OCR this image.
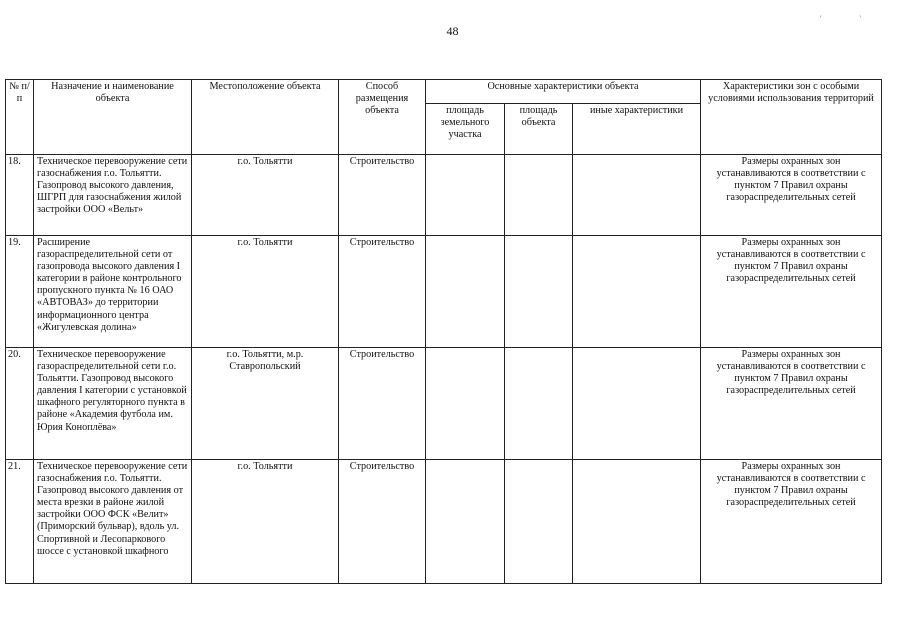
48
' '
№ п/п	Назначение и наименование объекта	Местоположение объекта	Способ размещения объекта	Основные характеристики объекта			Характеристики зон с особыми условиями использования территорий
				площадь земельного участка	площадь объекта	иные характеристики	
18.	Техническое перевооружение сети газоснабжения г.о. Тольятти. Газопровод высокого давления, ШГРП для газоснабжения жилой застройки ООО «Вельт»	г.о. Тольятти	Строительство				Размеры охранных зон устанавливаются в соответствии с пунктом 7 Правил охраны газораспределительных сетей
19.	Расширение газораспределительной сети от газопровода высокого давления I категории в районе контрольного пропускного пункта № 16 ОАО «АВТОВАЗ» до территории информационного центра «Жигулевская долина»	г.о. Тольятти	Строительство				Размеры охранных зон устанавливаются в соответствии с пунктом 7 Правил охраны газораспределительных сетей
20.	Техническое перевооружение газораспределительной сети г.о. Тольятти. Газопровод высокого давления I категории с установкой шкафного регуляторного пункта в районе «Академия футбола им. Юрия Коноплёва»	г.о. Тольятти, м.р. Ставропольский	Строительство				Размеры охранных зон устанавливаются в соответствии с пунктом 7 Правил охраны газораспределительных сетей
21.	Техническое перевооружение сети газоснабжения г.о. Тольятти. Газопровод высокого давления от места врезки в районе жилой застройки ООО ФСК «Велит» (Приморский бульвар), вдоль ул. Спортивной и Лесопаркового шоссе с установкой шкафного	г.о. Тольятти	Строительство				Размеры охранных зон устанавливаются в соответствии с пунктом 7 Правил охраны газораспределительных сетей
